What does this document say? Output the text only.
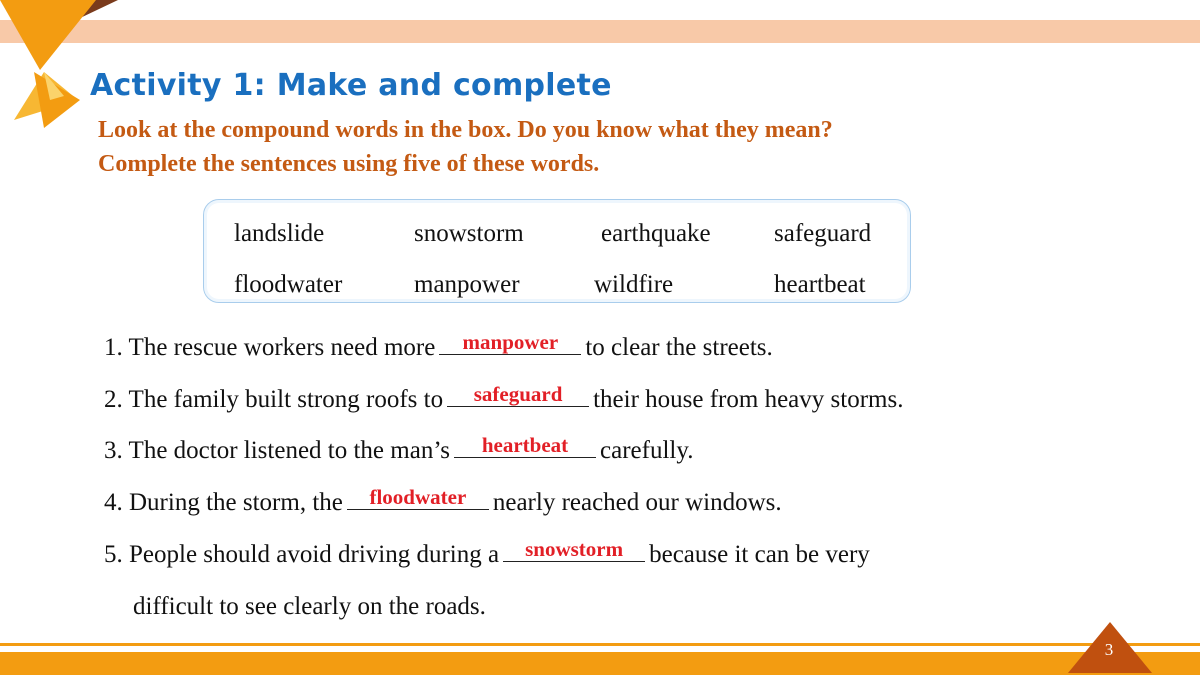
Activity 1: Make and complete

Look at the compound words in the box. Do you know what they mean?

Complete the sentences using five of these words.

landslide	snowstorm	earthquake	safeguard
floodwater	manpower	wildfire	heartbeat
1. The rescue workers need more	manpower	to clear the streets.
2. The family built strong roofs to	safeguard	their house from heavy storms.
3. The doctor listened to the man’s	heartbeat	carefully.
4. During the storm, the	floodwater	nearly reached our windows.
5. People should avoid driving during a	snowstorm	because it can be very
difficult to see clearly on the roads.
3
